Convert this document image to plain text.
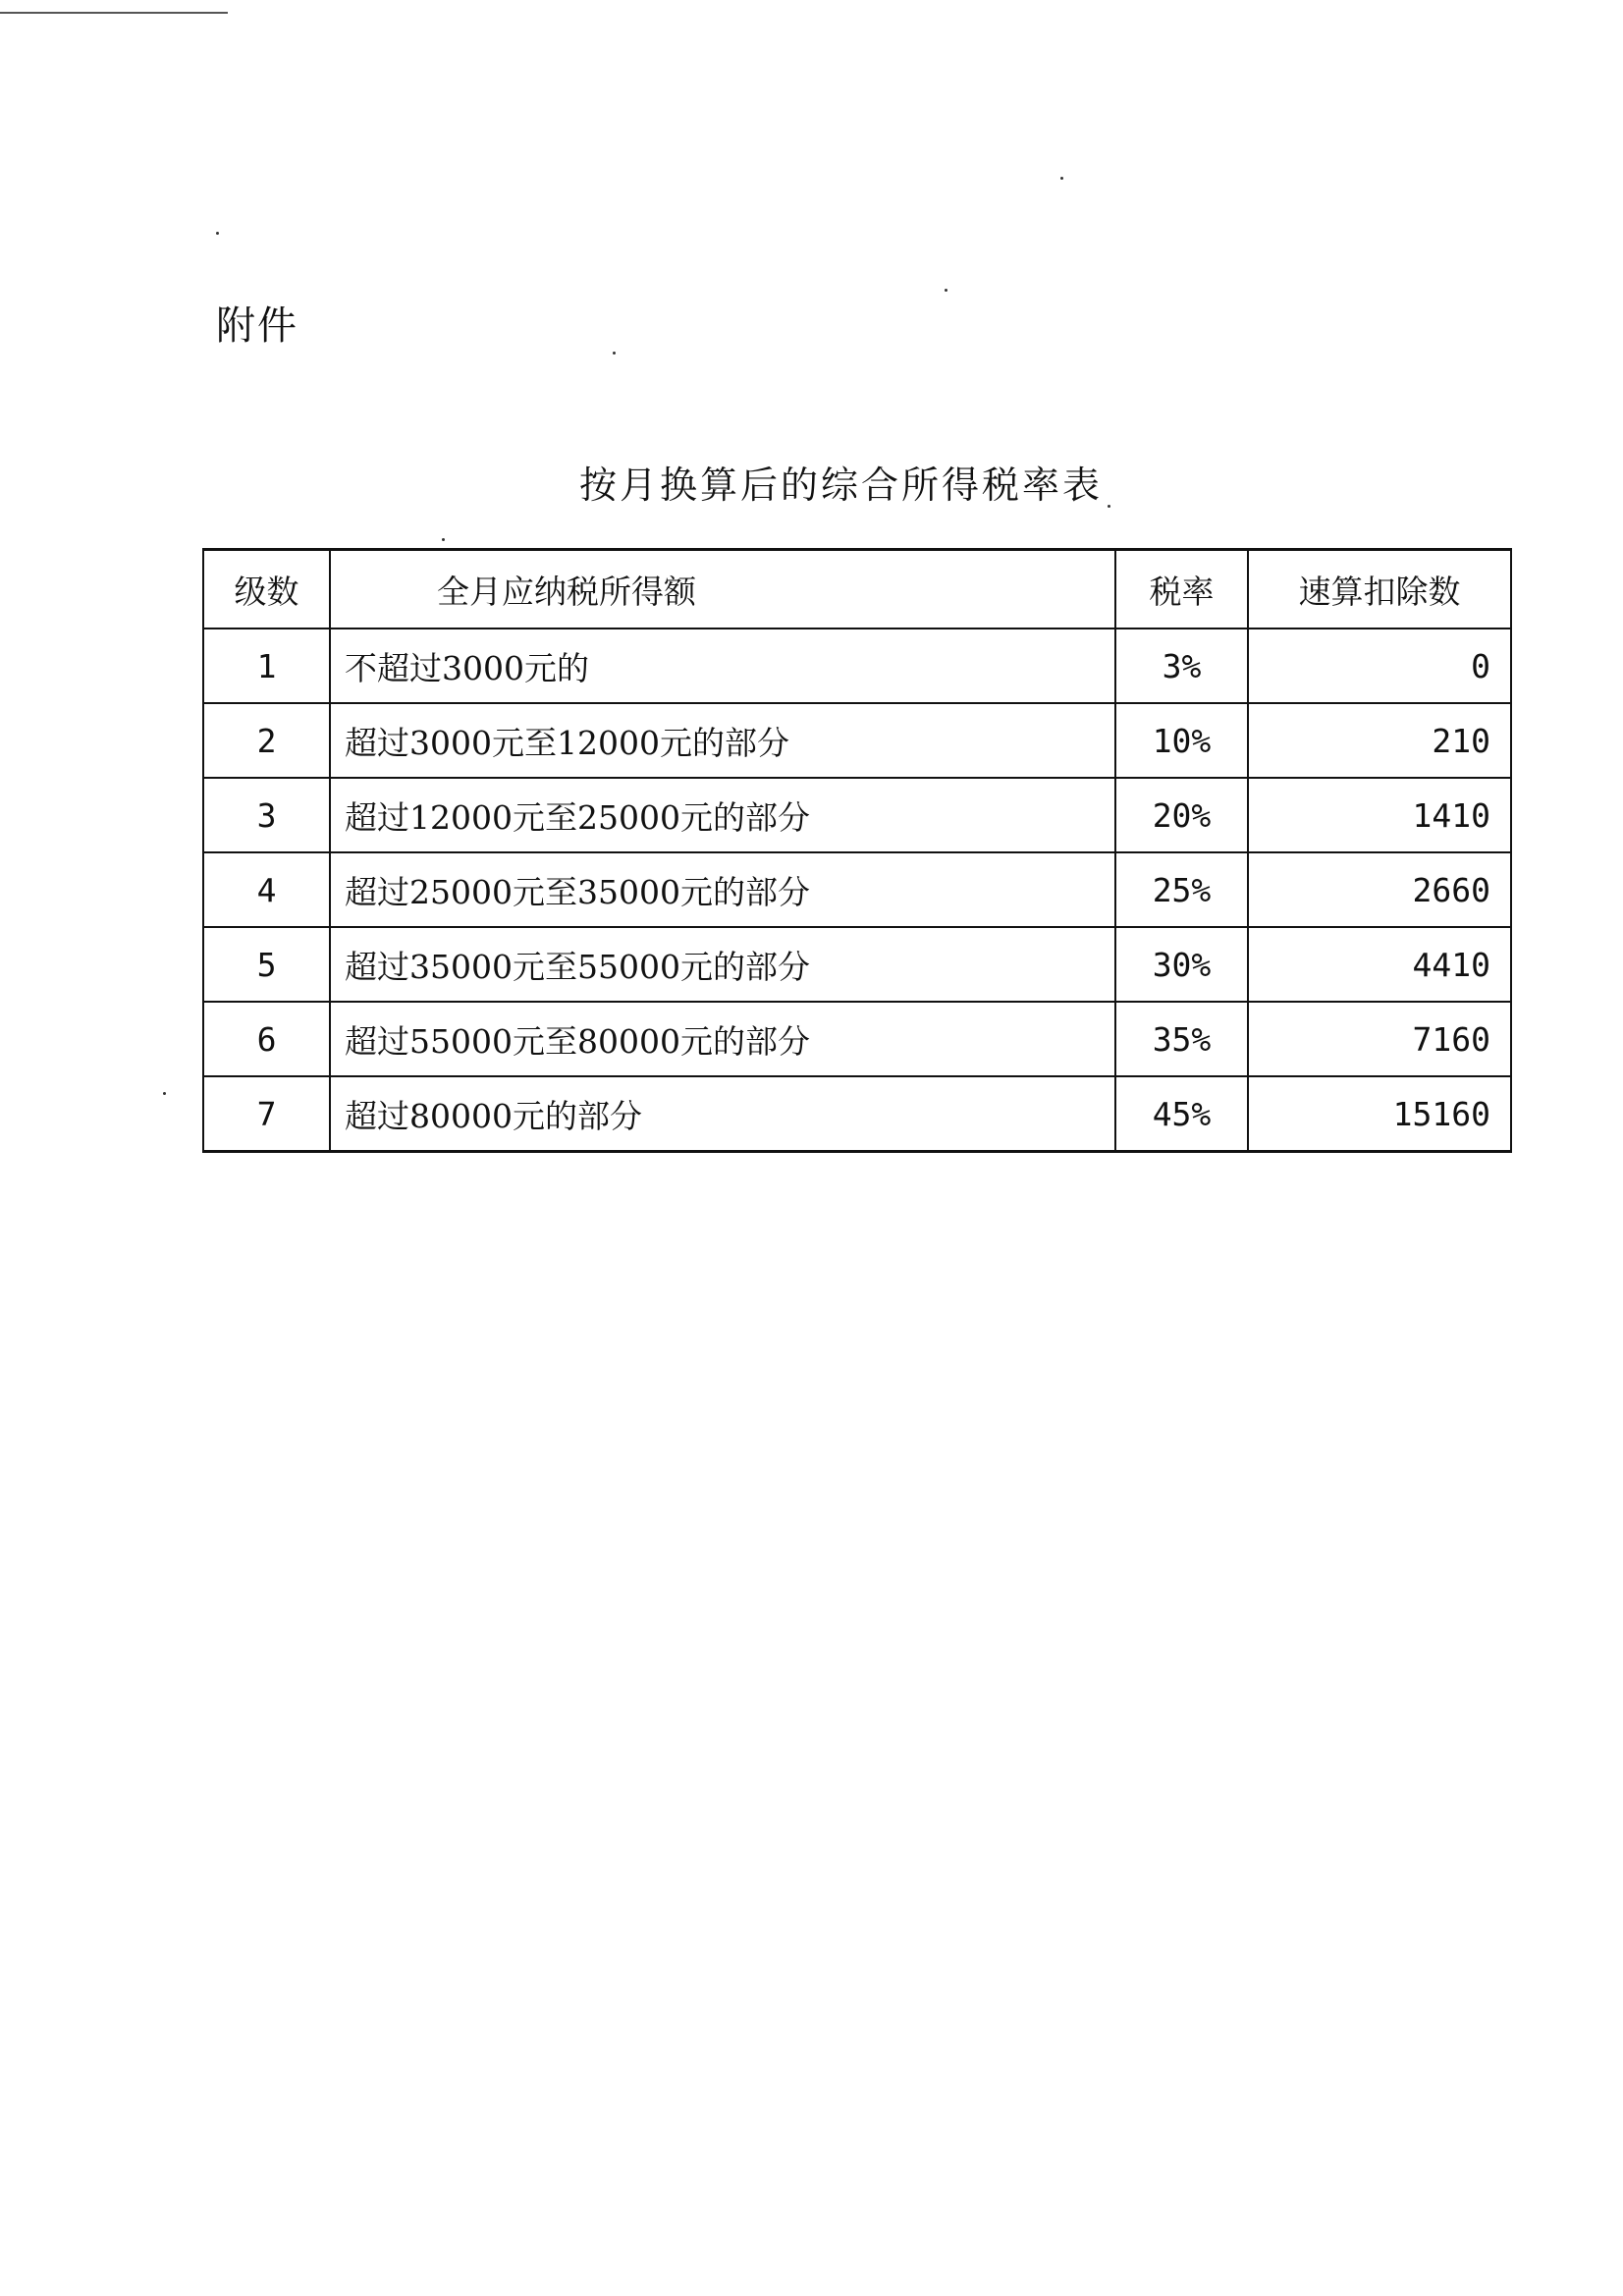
附件
按月换算后的综合所得税率表
级数	全月应纳税所得额	税率	速算扣除数
1	不超过3000元的	3%	0
2	超过3000元至12000元的部分	10%	210
3	超过12000元至25000元的部分	20%	1410
4	超过25000元至35000元的部分	25%	2660
5	超过35000元至55000元的部分	30%	4410
6	超过55000元至80000元的部分	35%	7160
7	超过80000元的部分	45%	15160
